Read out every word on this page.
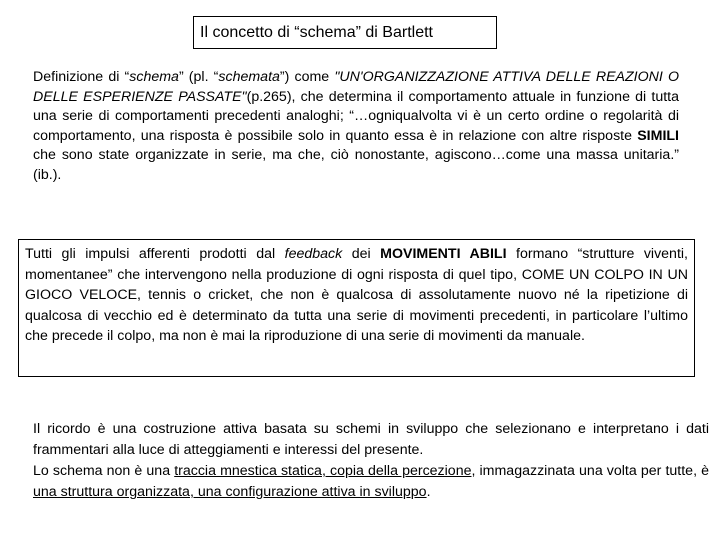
Il concetto di “schema” di Bartlett
Definizione di “schema” (pl. “schemata”) come "UN'ORGANIZZAZIONE ATTIVA DELLE REAZIONI O DELLE ESPERIENZE PASSATE"(p.265), che determina il comportamento attuale in funzione di tutta una serie di comportamenti precedenti analoghi; “…ogniqualvolta vi è un certo ordine o regolarità di comportamento, una risposta è possibile solo in quanto essa è in relazione con altre risposte SIMILI che sono state organizzate in serie, ma che, ciò nonostante, agiscono…come una massa unitaria.” (ib.).
Tutti gli impulsi afferenti prodotti dal feedback dei MOVIMENTI ABILI formano “strutture viventi, momentanee” che intervengono nella produzione di ogni risposta di quel tipo, COME UN COLPO IN UN GIOCO VELOCE, tennis o cricket, che non è qualcosa di assolutamente nuovo né la ripetizione di qualcosa di vecchio ed è determinato da tutta una serie di movimenti precedenti, in particolare l’ultimo che precede il colpo, ma non è mai la riproduzione di una serie di movimenti da manuale.
Il ricordo è una costruzione attiva basata su schemi in sviluppo che selezionano e interpretano i dati frammentari alla luce di atteggiamenti e interessi del presente.
Lo schema non è una traccia mnestica statica, copia della percezione, immagazzinata una volta per tutte, è una struttura organizzata, una configurazione attiva in sviluppo.
